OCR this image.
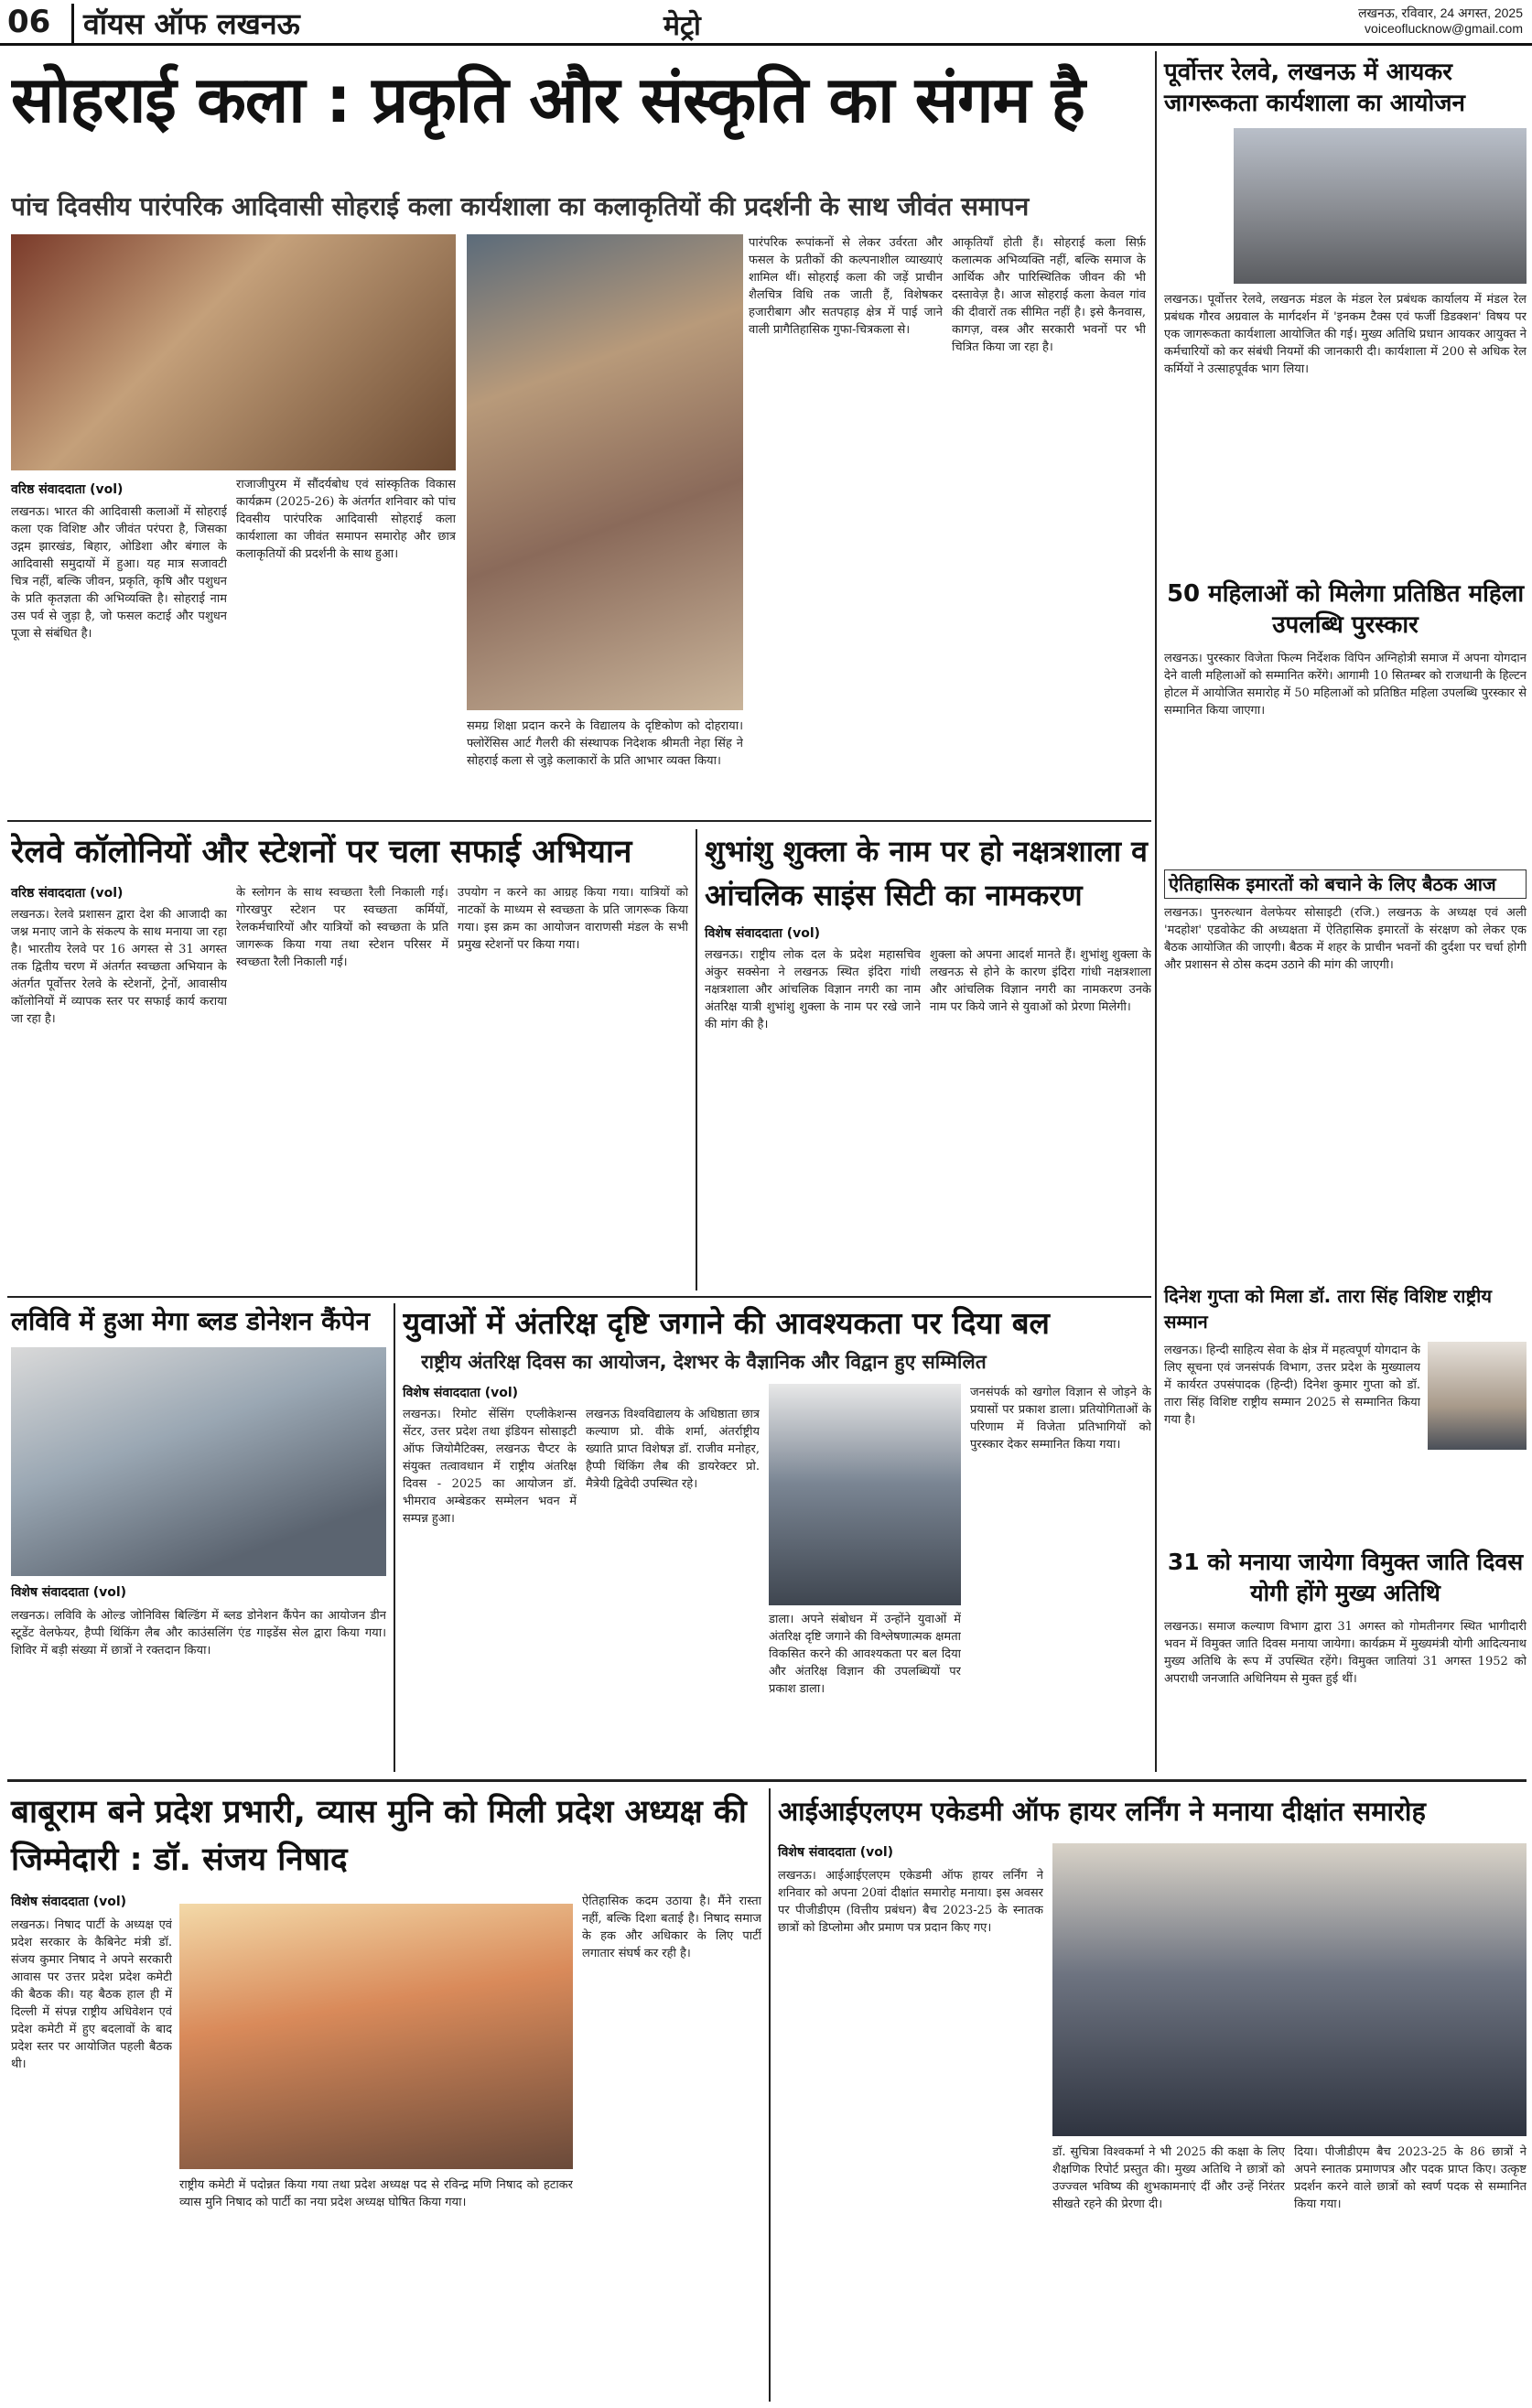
06	वॉयस ऑफ लखनऊ	मेट्रो	लखनऊ, रविवार, 24 अगस्त, 2025
voiceoflucknow@gmail.com
सोहराई कला : प्रकृति और संस्कृति का संगम है
पांच दिवसीय पारंपरिक आदिवासी सोहराई कला कार्यशाला का कलाकृतियों की प्रदर्शनी के साथ जीवंत समापन
वरिष्ठ संवाददाता (vol)
लखनऊ। भारत की आदिवासी कलाओं में सोहराई कला एक विशिष्ट और जीवंत परंपरा है, जिसका उद्गम झारखंड, बिहार, ओडिशा और बंगाल के आदिवासी समुदायों में हुआ। यह मात्र सजावटी चित्र नहीं, बल्कि जीवन, प्रकृति, कृषि और पशुधन के प्रति कृतज्ञता की अभिव्यक्ति है। सोहराई नाम उस पर्व से जुड़ा है, जो फसल कटाई और पशुधन पूजा से संबंधित है।
राजाजीपुरम में सौंदर्यबोध एवं सांस्कृतिक विकास कार्यक्रम (2025-26) के अंतर्गत शनिवार को पांच दिवसीय पारंपरिक आदिवासी सोहराई कला कार्यशाला का जीवंत समापन समारोह और छात्र कलाकृतियों की प्रदर्शनी के साथ हुआ।
पारंपरिक रूपांकनों से लेकर उर्वरता और फसल के प्रतीकों की कल्पनाशील व्याख्याएं शामिल थीं। सोहराई कला की जड़ें प्राचीन शैलचित्र विधि तक जाती हैं, विशेषकर हजारीबाग और सतपहाड़ क्षेत्र में पाई जाने वाली प्रागैतिहासिक गुफा-चित्रकला से।
समग्र शिक्षा प्रदान करने के विद्यालय के दृष्टिकोण को दोहराया। फ्लोरेंसिस आर्ट गैलरी की संस्थापक निदेशक श्रीमती नेहा सिंह ने सोहराई कला से जुड़े कलाकारों के प्रति आभार व्यक्त किया।
आकृतियाँ होती हैं। सोहराई कला सिर्फ़ कलात्मक अभिव्यक्ति नहीं, बल्कि समाज के आर्थिक और पारिस्थितिक जीवन की भी दस्तावेज़ है। आज सोहराई कला केवल गांव की दीवारों तक सीमित नहीं है। इसे कैनवास, कागज़, वस्त्र और सरकारी भवनों पर भी चित्रित किया जा रहा है।
पूर्वोत्तर रेलवे, लखनऊ में आयकर जागरूकता कार्यशाला का आयोजन
लखनऊ। पूर्वोत्तर रेलवे, लखनऊ मंडल के मंडल रेल प्रबंधक कार्यालय में मंडल रेल प्रबंधक गौरव अग्रवाल के मार्गदर्शन में 'इनकम टैक्स एवं फर्जी डिडक्शन' विषय पर एक जागरूकता कार्यशाला आयोजित की गई। मुख्य अतिथि प्रधान आयकर आयुक्त ने कर्मचारियों को कर संबंधी नियमों की जानकारी दी। कार्यशाला में 200 से अधिक रेल कर्मियों ने उत्साहपूर्वक भाग लिया।
50 महिलाओं को मिलेगा प्रतिष्ठित महिला उपलब्धि पुरस्कार
लखनऊ। पुरस्कार विजेता फिल्म निर्देशक विपिन अग्निहोत्री समाज में अपना योगदान देने वाली महिलाओं को सम्मानित करेंगे। आगामी 10 सितम्बर को राजधानी के हिल्टन होटल में आयोजित समारोह में 50 महिलाओं को प्रतिष्ठित महिला उपलब्धि पुरस्कार से सम्मानित किया जाएगा।
ऐतिहासिक इमारतों को बचाने के लिए बैठक आज
लखनऊ। पुनरुत्थान वेलफेयर सोसाइटी (रजि.) लखनऊ के अध्यक्ष एवं अली 'मदहोश' एडवोकेट की अध्यक्षता में ऐतिहासिक इमारतों के संरक्षण को लेकर एक बैठक आयोजित की जाएगी। बैठक में शहर के प्राचीन भवनों की दुर्दशा पर चर्चा होगी और प्रशासन से ठोस कदम उठाने की मांग की जाएगी।
दिनेश गुप्ता को मिला डॉ. तारा सिंह विशिष्ट राष्ट्रीय सम्मान
लखनऊ। हिन्दी साहित्य सेवा के क्षेत्र में महत्वपूर्ण योगदान के लिए सूचना एवं जनसंपर्क विभाग, उत्तर प्रदेश के मुख्यालय में कार्यरत उपसंपादक (हिन्दी) दिनेश कुमार गुप्ता को डॉ. तारा सिंह विशिष्ट राष्ट्रीय सम्मान 2025 से सम्मानित किया गया है।
31 को मनाया जायेगा विमुक्त जाति दिवस योगी होंगे मुख्य अतिथि
लखनऊ। समाज कल्याण विभाग द्वारा 31 अगस्त को गोमतीनगर स्थित भागीदारी भवन में विमुक्त जाति दिवस मनाया जायेगा। कार्यक्रम में मुख्यमंत्री योगी आदित्यनाथ मुख्य अतिथि के रूप में उपस्थित रहेंगे। विमुक्त जातियां 31 अगस्त 1952 को अपराधी जनजाति अधिनियम से मुक्त हुई थीं।
रेलवे कॉलोनियों और स्टेशनों पर चला सफाई अभियान
वरिष्ठ संवाददाता (vol)
लखनऊ। रेलवे प्रशासन द्वारा देश की आजादी का जश्न मनाए जाने के संकल्प के साथ मनाया जा रहा है। भारतीय रेलवे पर 16 अगस्त से 31 अगस्त तक द्वितीय चरण में अंतर्गत स्वच्छता अभियान के अंतर्गत पूर्वोत्तर रेलवे के स्टेशनों, ट्रेनों, आवासीय कॉलोनियों में व्यापक स्तर पर सफाई कार्य कराया जा रहा है।
के स्लोगन के साथ स्वच्छता रैली निकाली गई। गोरखपुर स्टेशन पर स्वच्छता कर्मियों, रेलकर्मचारियों और यात्रियों को स्वच्छता के प्रति जागरूक किया गया तथा स्टेशन परिसर में स्वच्छता रैली निकाली गई।
उपयोग न करने का आग्रह किया गया। यात्रियों को नाटकों के माध्यम से स्वच्छता के प्रति जागरूक किया गया। इस क्रम का आयोजन वाराणसी मंडल के सभी प्रमुख स्टेशनों पर किया गया।
शुभांशु शुक्ला के नाम पर हो नक्षत्रशाला व आंचलिक साइंस सिटी का नामकरण
विशेष संवाददाता (vol)
लखनऊ। राष्ट्रीय लोक दल के प्रदेश महासचिव अंकुर सक्सेना ने लखनऊ स्थित इंदिरा गांधी नक्षत्रशाला और आंचलिक विज्ञान नगरी का नाम अंतरिक्ष यात्री शुभांशु शुक्ला के नाम पर रखे जाने की मांग की है।
शुक्ला को अपना आदर्श मानते हैं। शुभांशु शुक्ला के लखनऊ से होने के कारण इंदिरा गांधी नक्षत्रशाला और आंचलिक विज्ञान नगरी का नामकरण उनके नाम पर किये जाने से युवाओं को प्रेरणा मिलेगी।
लविवि में हुआ मेगा ब्लड डोनेशन कैंपेन
विशेष संवाददाता (vol)
लखनऊ। लविवि के ओल्ड जोनिविस बिल्डिंग में ब्लड डोनेशन कैंपेन का आयोजन डीन स्टूडेंट वेलफेयर, हैप्पी थिंकिंग लैब और काउंसलिंग एंड गाइडेंस सेल द्वारा किया गया। शिविर में बड़ी संख्या में छात्रों ने रक्तदान किया।
युवाओं में अंतरिक्ष दृष्टि जगाने की आवश्यकता पर दिया बल
राष्ट्रीय अंतरिक्ष दिवस का आयोजन, देशभर के वैज्ञानिक और विद्वान हुए सम्मिलित
विशेष संवाददाता (vol)
लखनऊ। रिमोट सेंसिंग एप्लीकेशन्स सेंटर, उत्तर प्रदेश तथा इंडियन सोसाइटी ऑफ जियोमैटिक्स, लखनऊ चैप्टर के संयुक्त तत्वावधान में राष्ट्रीय अंतरिक्ष दिवस - 2025 का आयोजन डॉ. भीमराव अम्बेडकर सम्मेलन भवन में सम्पन्न हुआ।
लखनऊ विश्वविद्यालय के अधिष्ठाता छात्र कल्याण प्रो. वीके शर्मा, अंतर्राष्ट्रीय ख्याति प्राप्त विशेषज्ञ डॉ. राजीव मनोहर, हैप्पी थिंकिंग लैब की डायरेक्टर प्रो. मैत्रेयी द्विवेदी उपस्थित रहे।
डाला। अपने संबोधन में उन्होंने युवाओं में अंतरिक्ष दृष्टि जगाने की विश्लेषणात्मक क्षमता विकसित करने की आवश्यकता पर बल दिया और अंतरिक्ष विज्ञान की उपलब्धियों पर प्रकाश डाला।
जनसंपर्क को खगोल विज्ञान से जोड़ने के प्रयासों पर प्रकाश डाला। प्रतियोगिताओं के परिणाम में विजेता प्रतिभागियों को पुरस्कार देकर सम्मानित किया गया।
बाबूराम बने प्रदेश प्रभारी, व्यास मुनि को मिली प्रदेश अध्यक्ष की जिम्मेदारी : डॉ. संजय निषाद
विशेष संवाददाता (vol)
लखनऊ। निषाद पार्टी के अध्यक्ष एवं प्रदेश सरकार के कैबिनेट मंत्री डॉ. संजय कुमार निषाद ने अपने सरकारी आवास पर उत्तर प्रदेश प्रदेश कमेटी की बैठक की। यह बैठक हाल ही में दिल्ली में संपन्न राष्ट्रीय अधिवेशन एवं प्रदेश कमेटी में हुए बदलावों के बाद प्रदेश स्तर पर आयोजित पहली बैठक थी।
राष्ट्रीय कमेटी में पदोन्नत किया गया तथा प्रदेश अध्यक्ष पद से रविन्द्र मणि निषाद को हटाकर व्यास मुनि निषाद को पार्टी का नया प्रदेश अध्यक्ष घोषित किया गया।
ऐतिहासिक कदम उठाया है। मैंने रास्ता नहीं, बल्कि दिशा बताई है। निषाद समाज के हक और अधिकार के लिए पार्टी लगातार संघर्ष कर रही है।
आईआईएलएम एकेडमी ऑफ हायर लर्निंग ने मनाया दीक्षांत समारोह
विशेष संवाददाता (vol)
लखनऊ। आईआईएलएम एकेडमी ऑफ हायर लर्निंग ने शनिवार को अपना 20वां दीक्षांत समारोह मनाया। इस अवसर पर पीजीडीएम (वित्तीय प्रबंधन) बैच 2023-25 के स्नातक छात्रों को डिप्लोमा और प्रमाण पत्र प्रदान किए गए।
डॉ. सुचित्रा विश्वकर्मा ने भी 2025 की कक्षा के लिए शैक्षणिक रिपोर्ट प्रस्तुत की। मुख्य अतिथि ने छात्रों को उज्ज्वल भविष्य की शुभकामनाएं दीं और उन्हें निरंतर सीखते रहने की प्रेरणा दी।
दिया। पीजीडीएम बैच 2023-25 के 86 छात्रों ने अपने स्नातक प्रमाणपत्र और पदक प्राप्त किए। उत्कृष्ट प्रदर्शन करने वाले छात्रों को स्वर्ण पदक से सम्मानित किया गया।
